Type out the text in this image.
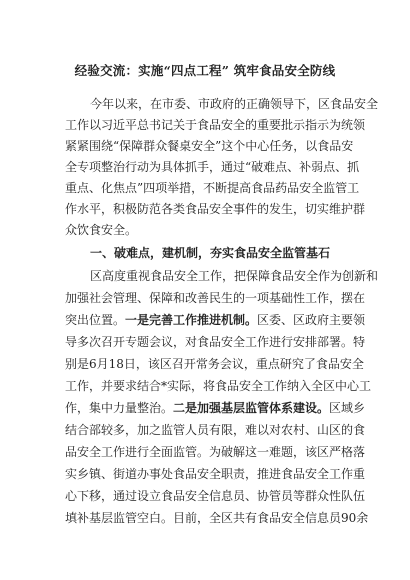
经验交流：实施“四点工程” 筑牢食品安全防线
今年以来，在市委、市政府的正确领导下，区食品安全
工作以习近平总书记关于食品安全的重要批示指示为统领
紧紧围绕“保障群众餐桌安全”这个中心任务，以食品安
全专项整治行动为具体抓手，通过“破难点、补弱点、抓
重点、化焦点”四项举措，不断提高食品药品安全监管工
作水平，积极防范各类食品安全事件的发生，切实维护群
众饮食安全。
一、破难点，建机制，夯实食品安全监管基石
区高度重视食品安全工作，把保障食品安全作为创新和
加强社会管理、保障和改善民生的一项基础性工作，摆在
突出位置。一是完善工作推进机制。区委、区政府主要领
导多次召开专题会议，对食品安全工作进行安排部署。特
别是6月18日，该区召开常务会议，重点研究了食品安全
工作，并要求结合*实际，将食品安全工作纳入全区中心工
作，集中力量整治。二是加强基层监管体系建设。区域乡
结合部较多，加之监管人员有限，难以对农村、山区的食
品安全工作进行全面监管。为破解这一难题，该区严格落
实乡镇、街道办事处食品安全职责，推进食品安全工作重
心下移，通过设立食品安全信息员、协管员等群众性队伍
填补基层监管空白。目前，全区共有食品安全信息员90余
